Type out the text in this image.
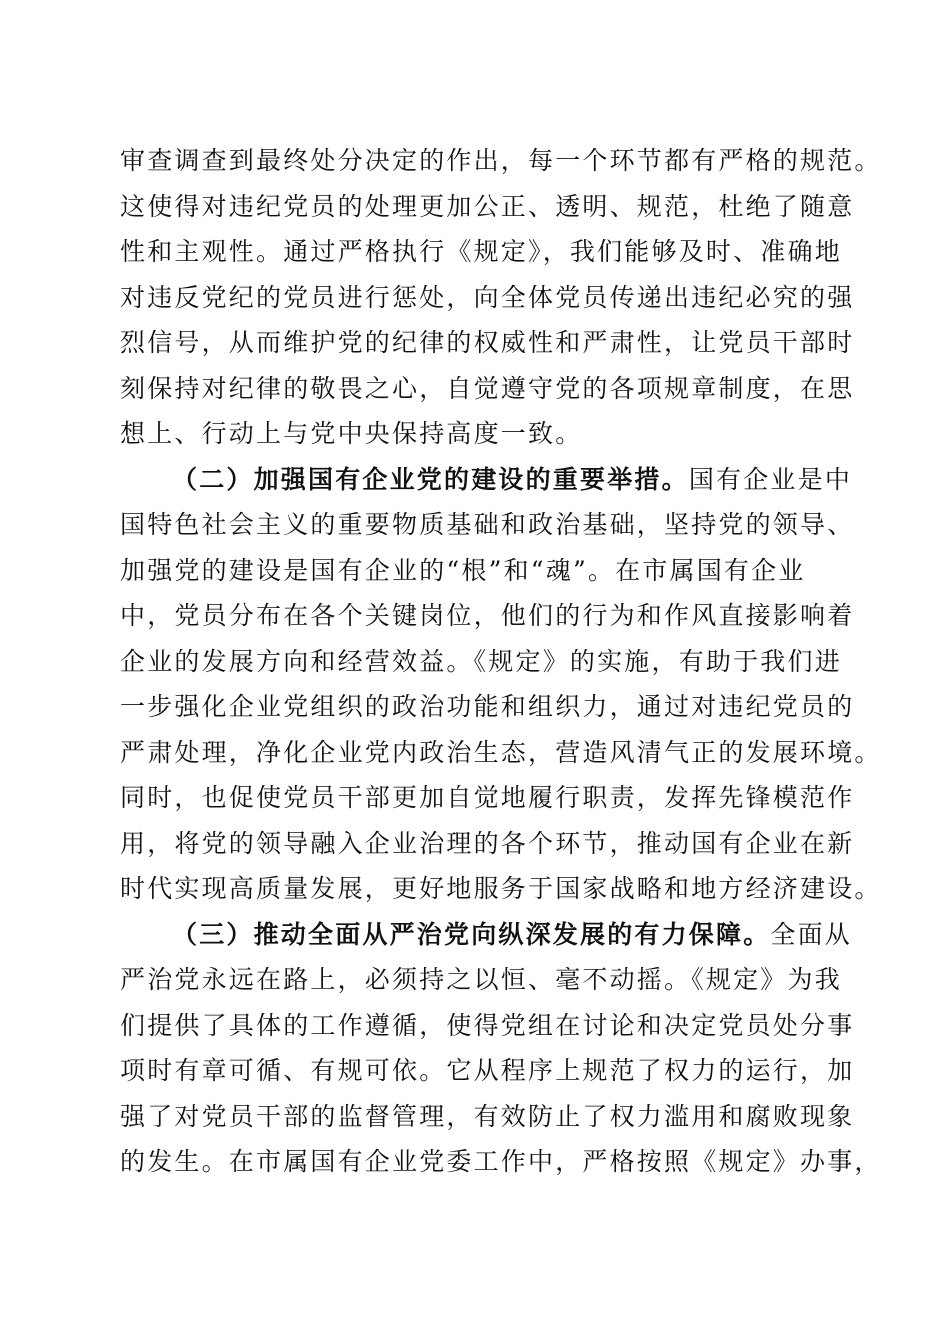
审查调查到最终处分决定的作出，每一个环节都有严格的规范。
这使得对违纪党员的处理更加公正、透明、规范，杜绝了随意
性和主观性。通过严格执行《规定》，我们能够及时、准确地
对违反党纪的党员进行惩处，向全体党员传递出违纪必究的强
烈信号，从而维护党的纪律的权威性和严肃性，让党员干部时
刻保持对纪律的敬畏之心，自觉遵守党的各项规章制度，在思
想上、行动上与党中央保持高度一致。
（二）加强国有企业党的建设的重要举措。国有企业是中
国特色社会主义的重要物质基础和政治基础，坚持党的领导、
加强党的建设是国有企业的“根”和“魂”。在市属国有企业
中，党员分布在各个关键岗位，他们的行为和作风直接影响着
企业的发展方向和经营效益。《规定》的实施，有助于我们进
一步强化企业党组织的政治功能和组织力，通过对违纪党员的
严肃处理，净化企业党内政治生态，营造风清气正的发展环境。
同时，也促使党员干部更加自觉地履行职责，发挥先锋模范作
用，将党的领导融入企业治理的各个环节，推动国有企业在新
时代实现高质量发展，更好地服务于国家战略和地方经济建设。
（三）推动全面从严治党向纵深发展的有力保障。全面从
严治党永远在路上，必须持之以恒、毫不动摇。《规定》为我
们提供了具体的工作遵循，使得党组在讨论和决定党员处分事
项时有章可循、有规可依。它从程序上规范了权力的运行，加
强了对党员干部的监督管理，有效防止了权力滥用和腐败现象
的发生。在市属国有企业党委工作中，严格按照《规定》办事，
